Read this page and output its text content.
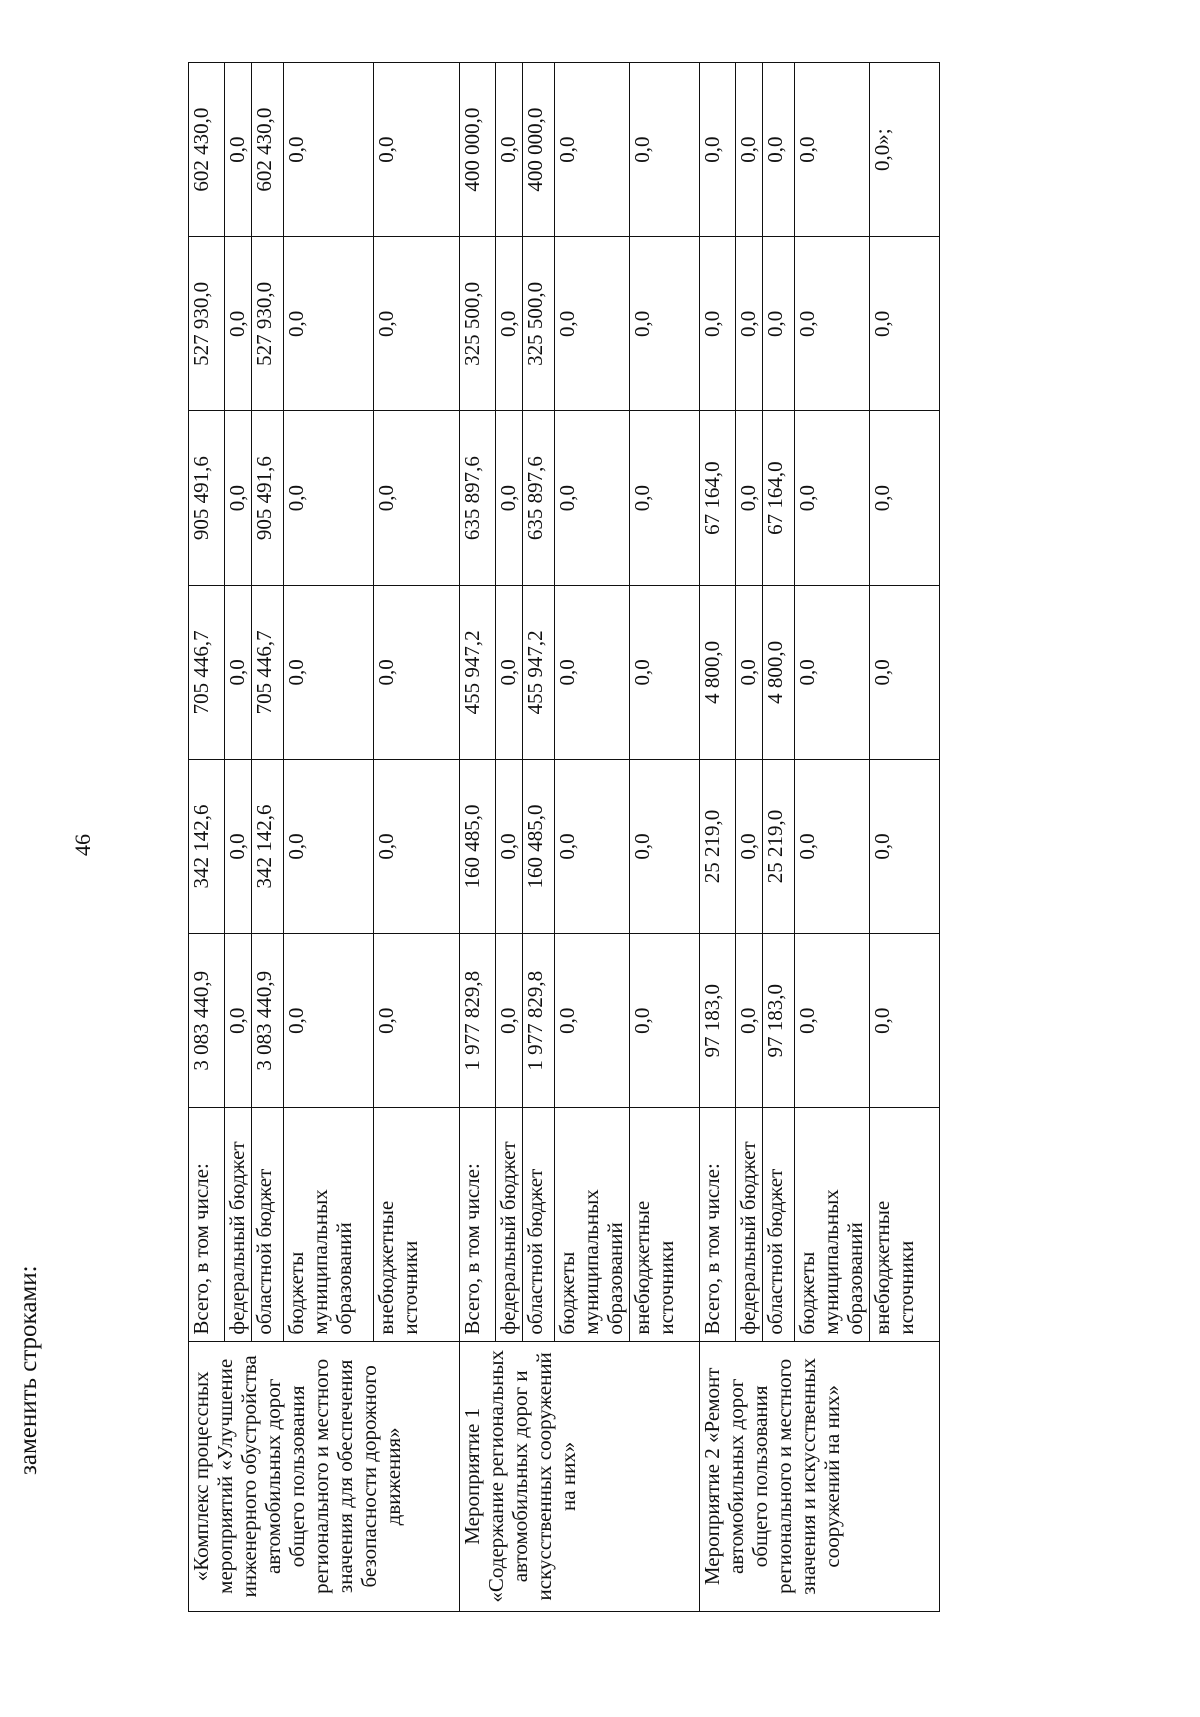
46
заменить строками:
«Комплекс процессных мероприятий «Улучшение инженерного обустройства автомобильных дорог общего пользования регионального и местного значения для обеспечения безопасности дорожного движения»	Всего, в том числе:	3 083 440,9	342 142,6	705 446,7	905 491,6	527 930,0	602 430,0
	федеральный бюджет	0,0	0,0	0,0	0,0	0,0	0,0
	областной бюджет	3 083 440,9	342 142,6	705 446,7	905 491,6	527 930,0	602 430,0
	бюджеты муниципальных образований	0,0	0,0	0,0	0,0	0,0	0,0
	внебюджетные источники	0,0	0,0	0,0	0,0	0,0	0,0
Мероприятие 1 «Содержание региональных автомобильных дорог и искусственных сооружений на них»	Всего, в том числе:	1 977 829,8	160 485,0	455 947,2	635 897,6	325 500,0	400 000,0
	федеральный бюджет	0,0	0,0	0,0	0,0	0,0	0,0
	областной бюджет	1 977 829,8	160 485,0	455 947,2	635 897,6	325 500,0	400 000,0
	бюджеты муниципальных образований	0,0	0,0	0,0	0,0	0,0	0,0
	внебюджетные источники	0,0	0,0	0,0	0,0	0,0	0,0
Мероприятие 2 «Ремонт автомобильных дорог общего пользования регионального и местного значения и искусственных сооружений на них»	Всего, в том числе:	97 183,0	25 219,0	4 800,0	67 164,0	0,0	0,0
	федеральный бюджет	0,0	0,0	0,0	0,0	0,0	0,0
	областной бюджет	97 183,0	25 219,0	4 800,0	67 164,0	0,0	0,0
	бюджеты муниципальных образований	0,0	0,0	0,0	0,0	0,0	0,0
	внебюджетные источники	0,0	0,0	0,0	0,0	0,0	0,0»;
